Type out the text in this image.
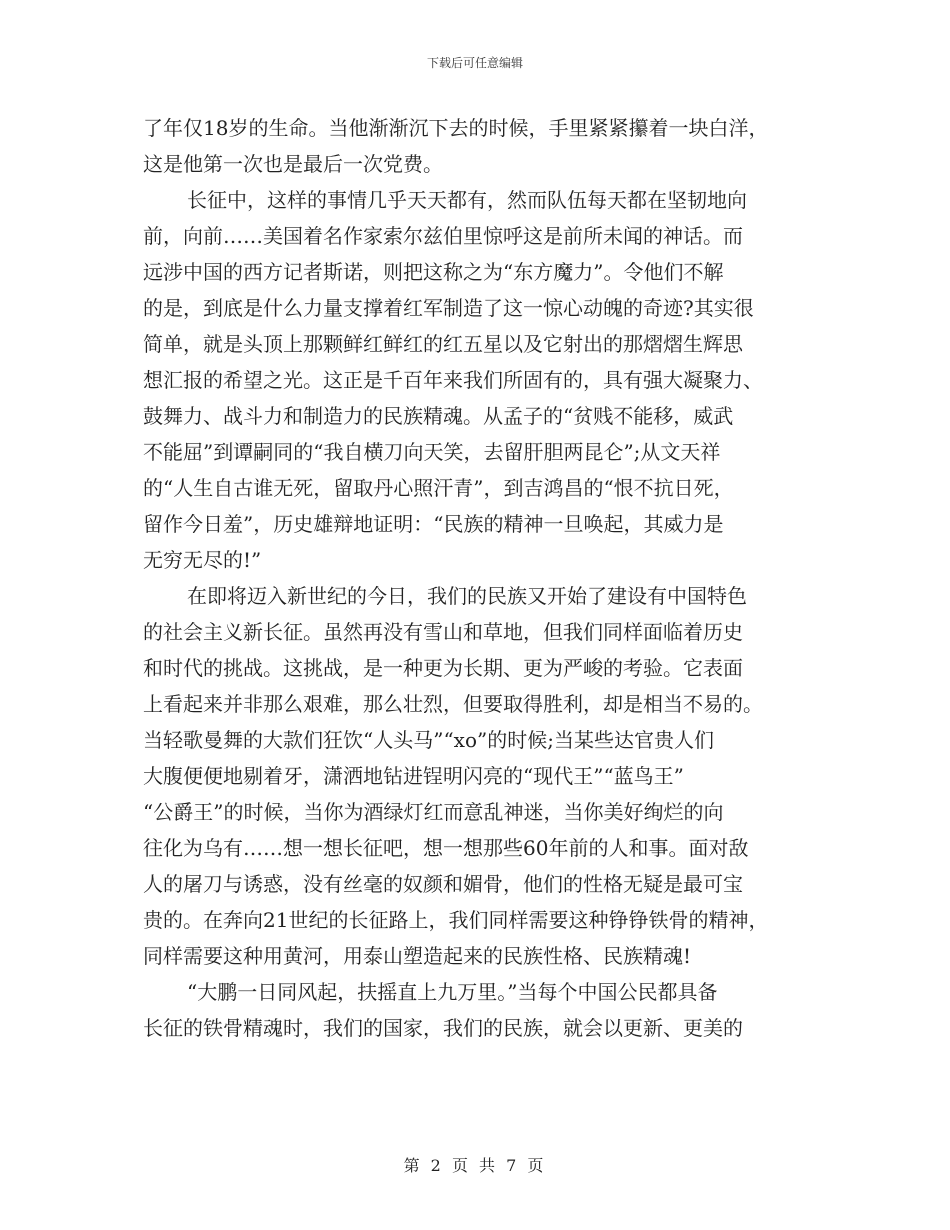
下载后可任意编辑
了年仅18岁的生命。当他渐渐沉下去的时候，手里紧紧攥着一块白洋，
这是他第一次也是最后一次党费。
长征中，这样的事情几乎天天都有，然而队伍每天都在坚韧地向
前，向前……美国着名作家索尔兹伯里惊呼这是前所未闻的神话。而
远涉中国的西方记者斯诺，则把这称之为“东方魔力”。令他们不解
的是，到底是什么力量支撑着红军制造了这一惊心动魄的奇迹?其实很
简单，就是头顶上那颗鲜红鲜红的红五星以及它射出的那熠熠生辉思
想汇报的希望之光。这正是千百年来我们所固有的，具有强大凝聚力、
鼓舞力、战斗力和制造力的民族精魂。从孟子的“贫贱不能移，威武
不能屈”到谭嗣同的“我自横刀向天笑，去留肝胆两昆仑”;从文天祥
的“人生自古谁无死，留取丹心照汗青”，到吉鸿昌的“恨不抗日死，
留作今日羞”，历史雄辩地证明：“民族的精神一旦唤起，其威力是
无穷无尽的!”
在即将迈入新世纪的今日，我们的民族又开始了建设有中国特色
的社会主义新长征。虽然再没有雪山和草地，但我们同样面临着历史
和时代的挑战。这挑战，是一种更为长期、更为严峻的考验。它表面
上看起来并非那么艰难，那么壮烈，但要取得胜利，却是相当不易的。
当轻歌曼舞的大款们狂饮“人头马”“xo”的时候;当某些达官贵人们
大腹便便地剔着牙，潇洒地钻进锃明闪亮的“现代王”“蓝鸟王”
“公爵王”的时候，当你为酒绿灯红而意乱神迷，当你美好绚烂的向
往化为乌有……想一想长征吧，想一想那些60年前的人和事。面对敌
人的屠刀与诱惑，没有丝毫的奴颜和媚骨，他们的性格无疑是最可宝
贵的。在奔向21世纪的长征路上，我们同样需要这种铮铮铁骨的精神，
同样需要这种用黄河，用泰山塑造起来的民族性格、民族精魂!
“大鹏一日同风起，扶摇直上九万里。”当每个中国公民都具备
长征的铁骨精魂时，我们的国家，我们的民族，就会以更新、更美的
第 2 页 共 7 页
